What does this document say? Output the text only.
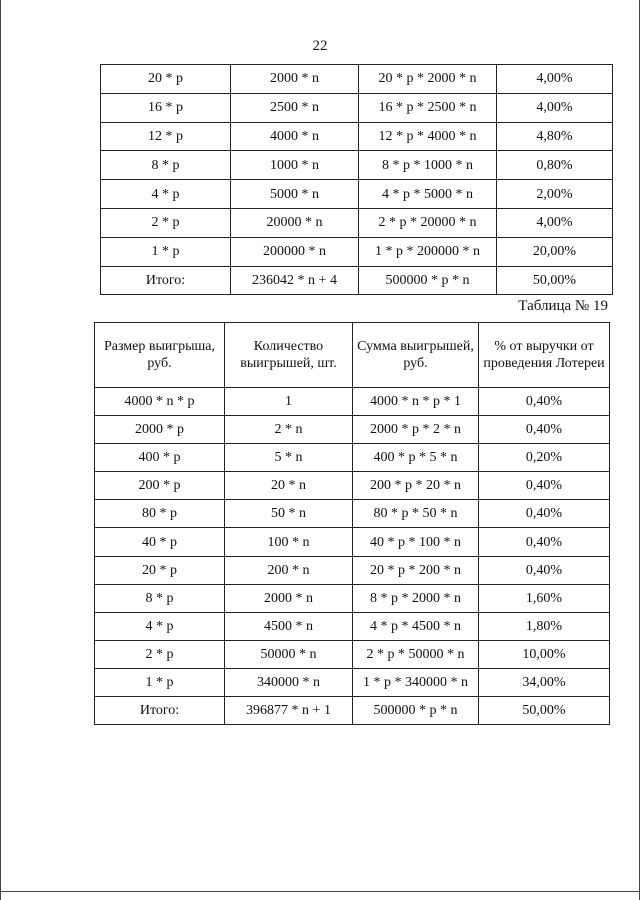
22
20 * р	2000 * n	20 * р * 2000 * n	4,00%
16 * р	2500 * n	16 * р * 2500 * n	4,00%
12 * р	4000 * n	12 * р * 4000 * n	4,80%
8 * р	1000 * n	8 * р * 1000 * n	0,80%
4 * р	5000 * n	4 * р * 5000 * n	2,00%
2 * р	20000 * n	2 * р * 20000 * n	4,00%
1 * р	200000 * n	1 * р * 200000 * n	20,00%
Итого:	236042 * n + 4	500000 * р * n	50,00%
Таблица № 19
Размер выигрыша, руб.	Количество выигрышей, шт.	Сумма выигрышей, руб.	% от выручки от проведения Лотереи
4000 * n * р	1	4000 * n * р * 1	0,40%
2000 * р	2 * n	2000 * р * 2 * n	0,40%
400 * р	5 * n	400 * р * 5 * n	0,20%
200 * р	20 * n	200 * р * 20 * n	0,40%
80 * р	50 * n	80 * р * 50 * n	0,40%
40 * р	100 * n	40 * р * 100 * n	0,40%
20 * р	200 * n	20 * р * 200 * n	0,40%
8 * р	2000 * n	8 * р * 2000 * n	1,60%
4 * р	4500 * n	4 * р * 4500 * n	1,80%
2 * р	50000 * n	2 * р * 50000 * n	10,00%
1 * р	340000 * n	1 * р * 340000 * n	34,00%
Итого:	396877 * n + 1	500000 * р * n	50,00%
